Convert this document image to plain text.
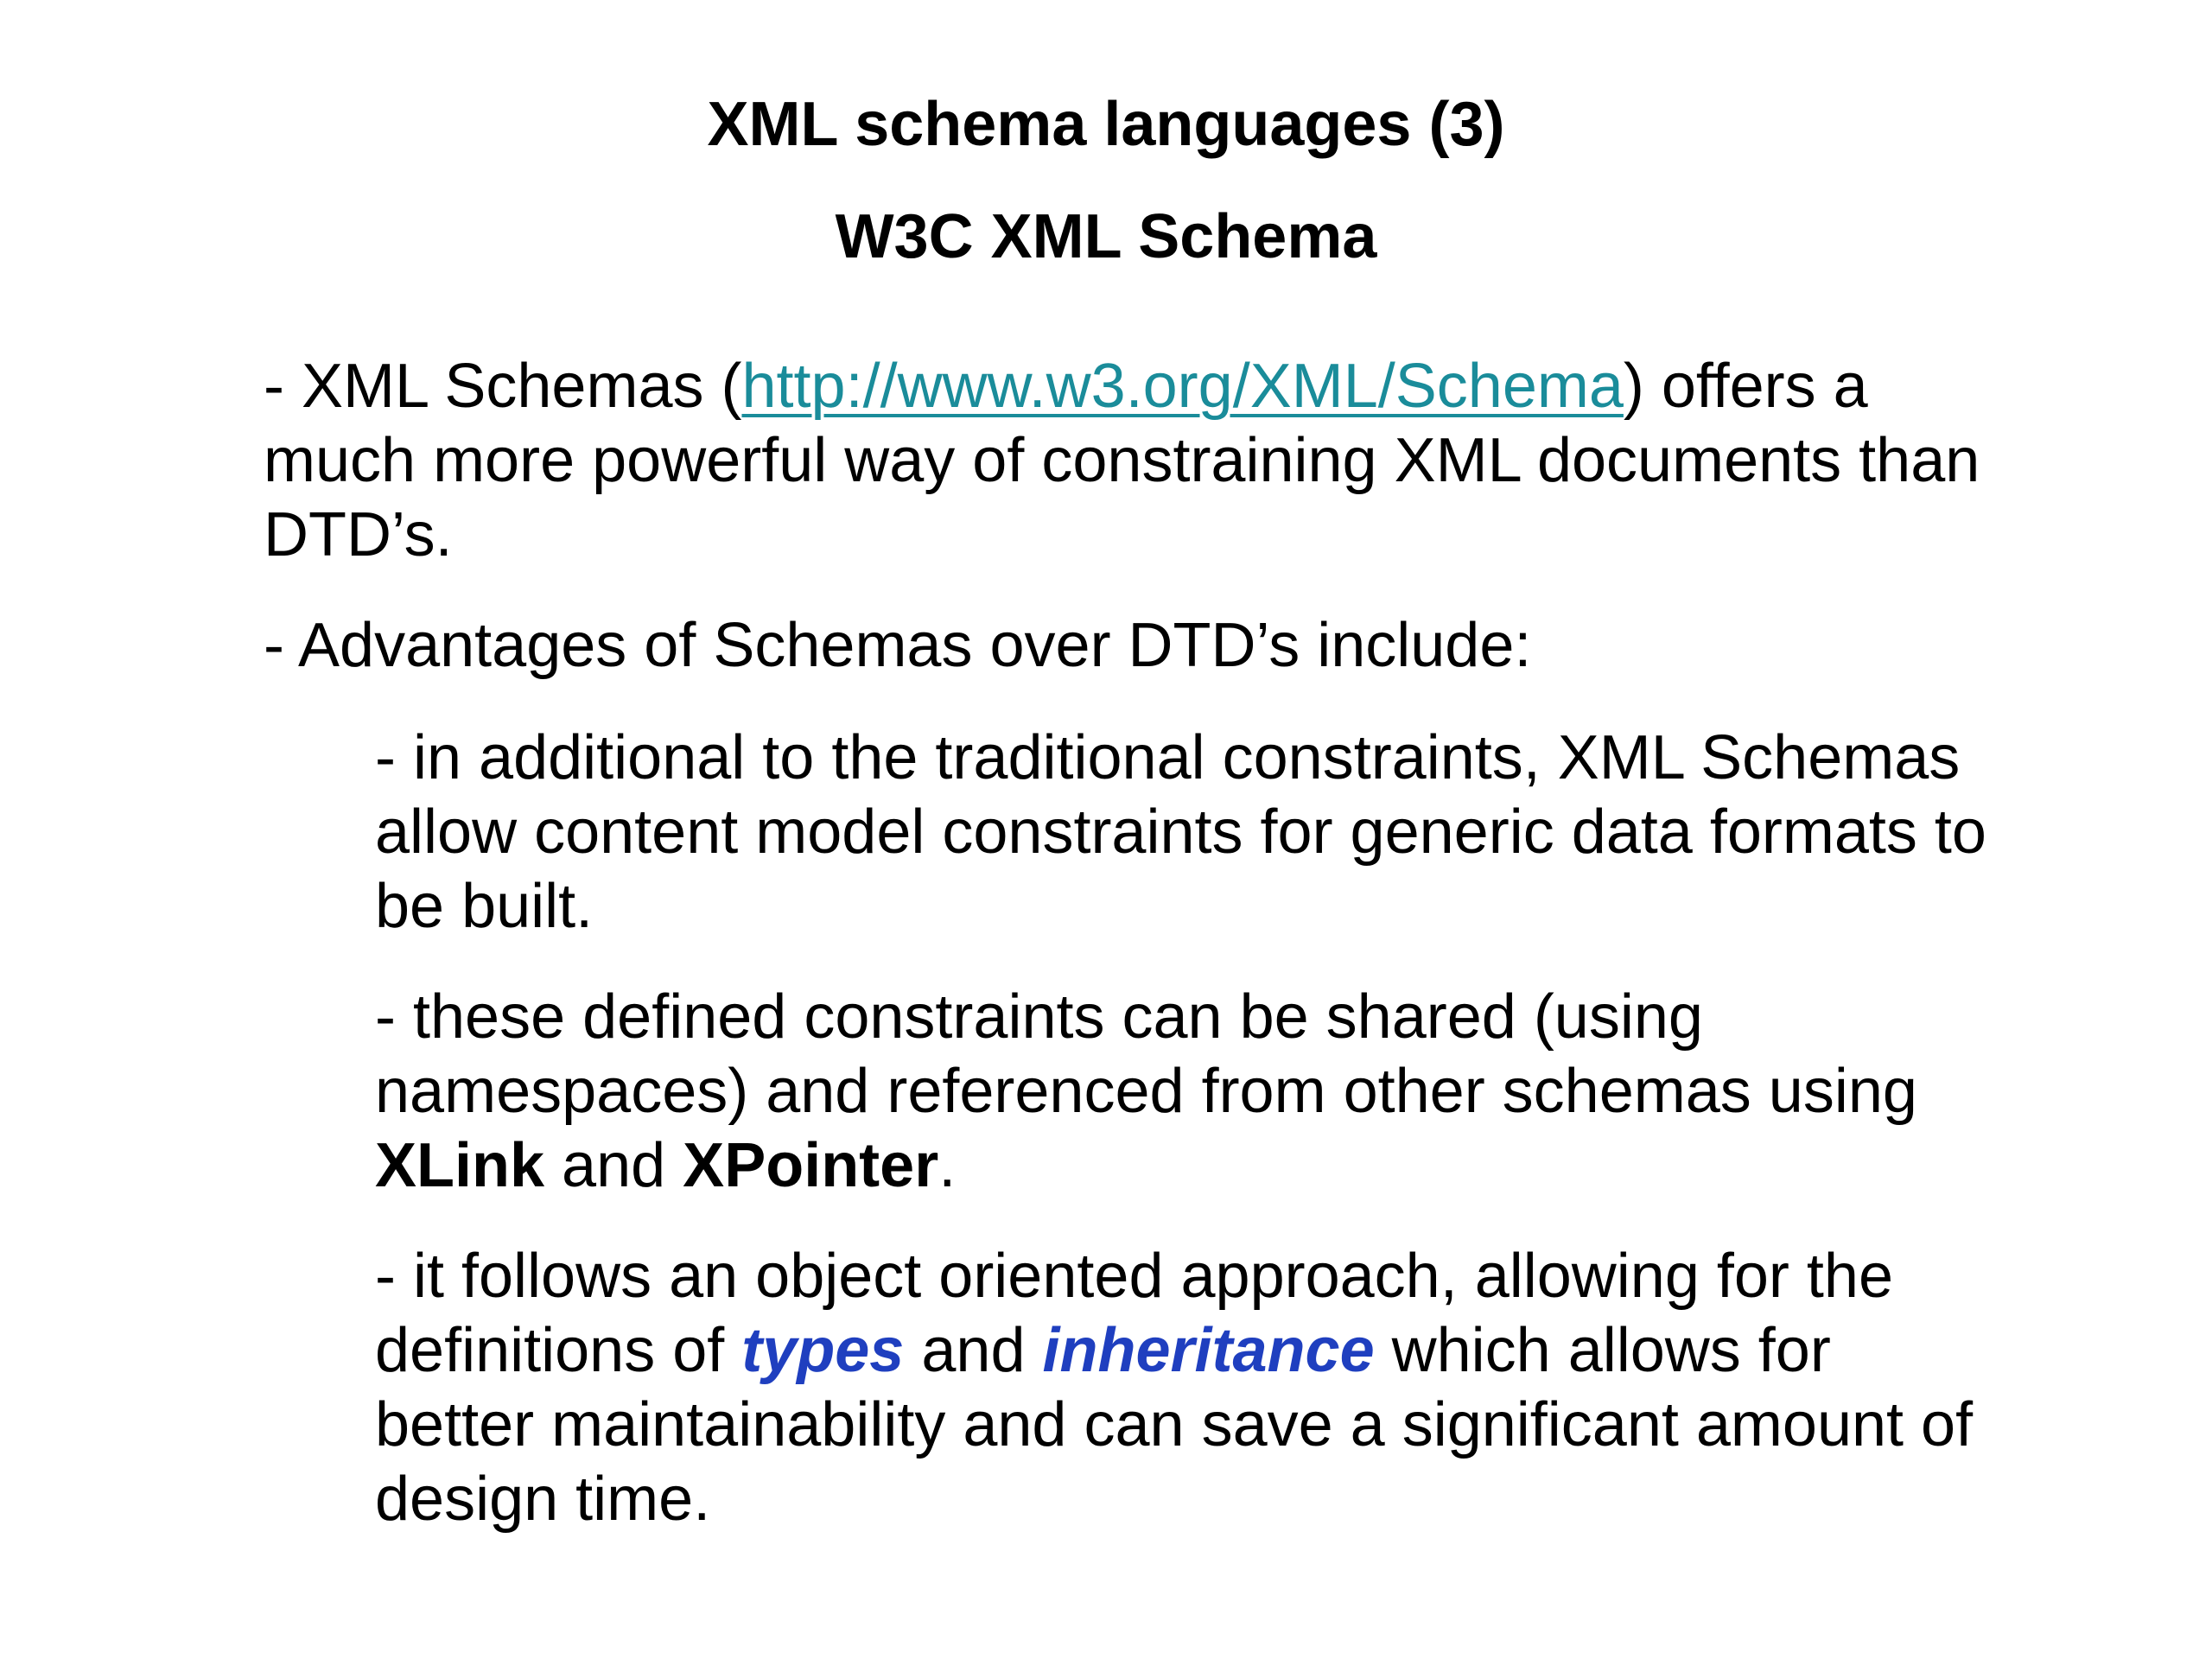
XML schema languages (3)
W3C XML Schema
- XML Schemas (http://www.w3.org/XML/Schema) offers a
much more powerful way of constraining XML documents than
DTD’s.
- Advantages of Schemas over DTD’s include:
- in additional to the traditional constraints, XML Schemas
allow content model constraints for generic data formats to
be built.
- these defined constraints can be shared (using
namespaces) and referenced from other schemas using
XLink and XPointer.
- it follows an object oriented approach, allowing for the
definitions of types and inheritance which allows for
better maintainability and can save a significant amount of
design time.
